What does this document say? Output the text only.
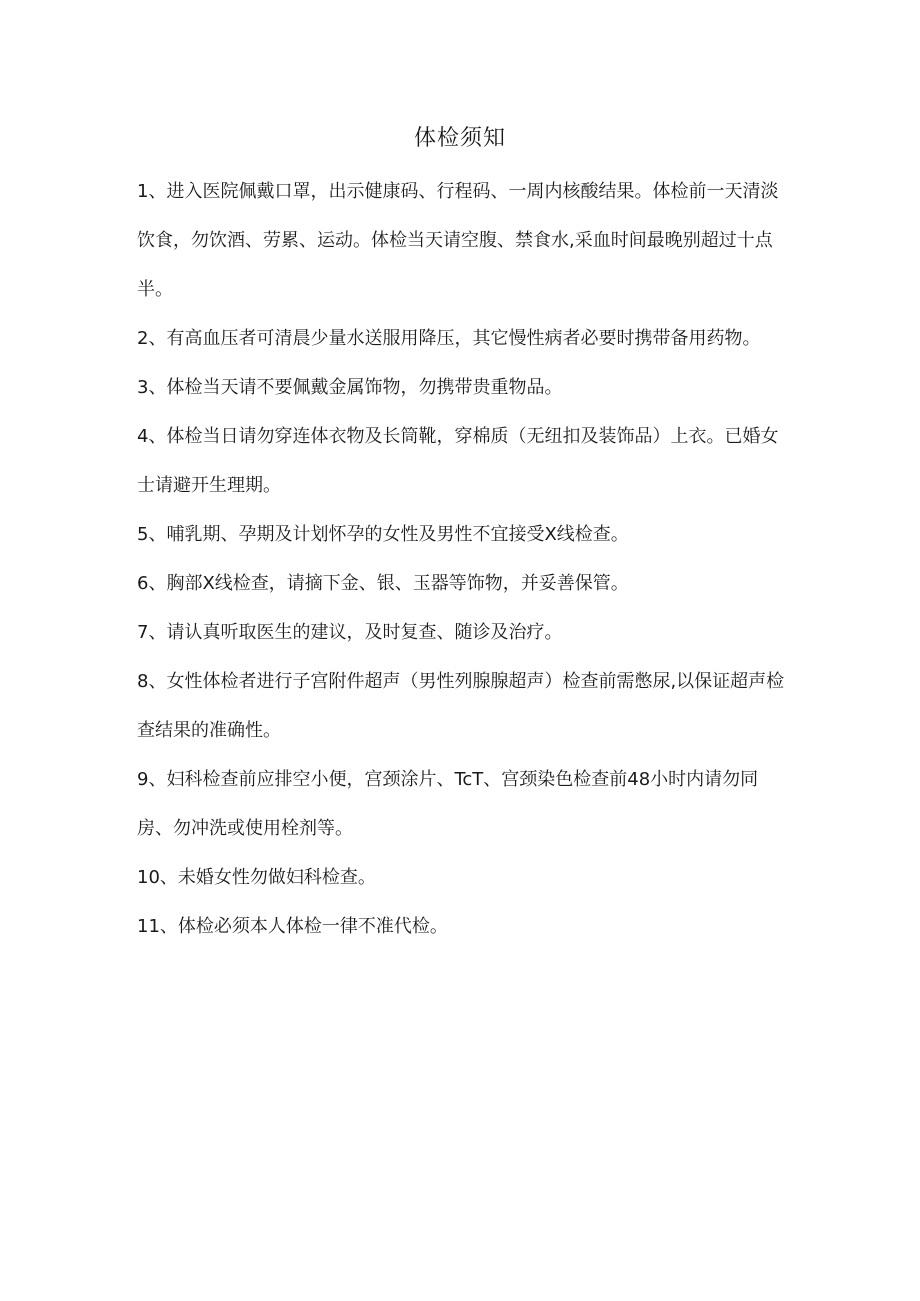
体检须知
1、进入医院佩戴口罩，出示健康码、行程码、一周内核酸结果。体检前一天清淡饮食，勿饮酒、劳累、运动。体检当天请空腹、禁食水,采血时间最晚别超过十点半。
2、有高血压者可清晨少量水送服用降压，其它慢性病者必要时携带备用药物。
3、体检当天请不要佩戴金属饰物，勿携带贵重物品。
4、体检当日请勿穿连体衣物及长筒靴，穿棉质（无纽扣及装饰品）上衣。已婚女士请避开生理期。
5、哺乳期、孕期及计划怀孕的女性及男性不宜接受X线检查。
6、胸部X线检查，请摘下金、银、玉器等饰物，并妥善保管。
7、请认真听取医生的建议，及时复查、随诊及治疗。
8、女性体检者进行子宫附件超声（男性列腺腺超声）检查前需憋尿,以保证超声检查结果的准确性。
9、妇科检查前应排空小便，宫颈涂片、TcT、宫颈染色检查前48小时内请勿同房、勿冲洗或使用栓剂等。
10、未婚女性勿做妇科检查。
11、体检必须本人体检一律不准代检。
